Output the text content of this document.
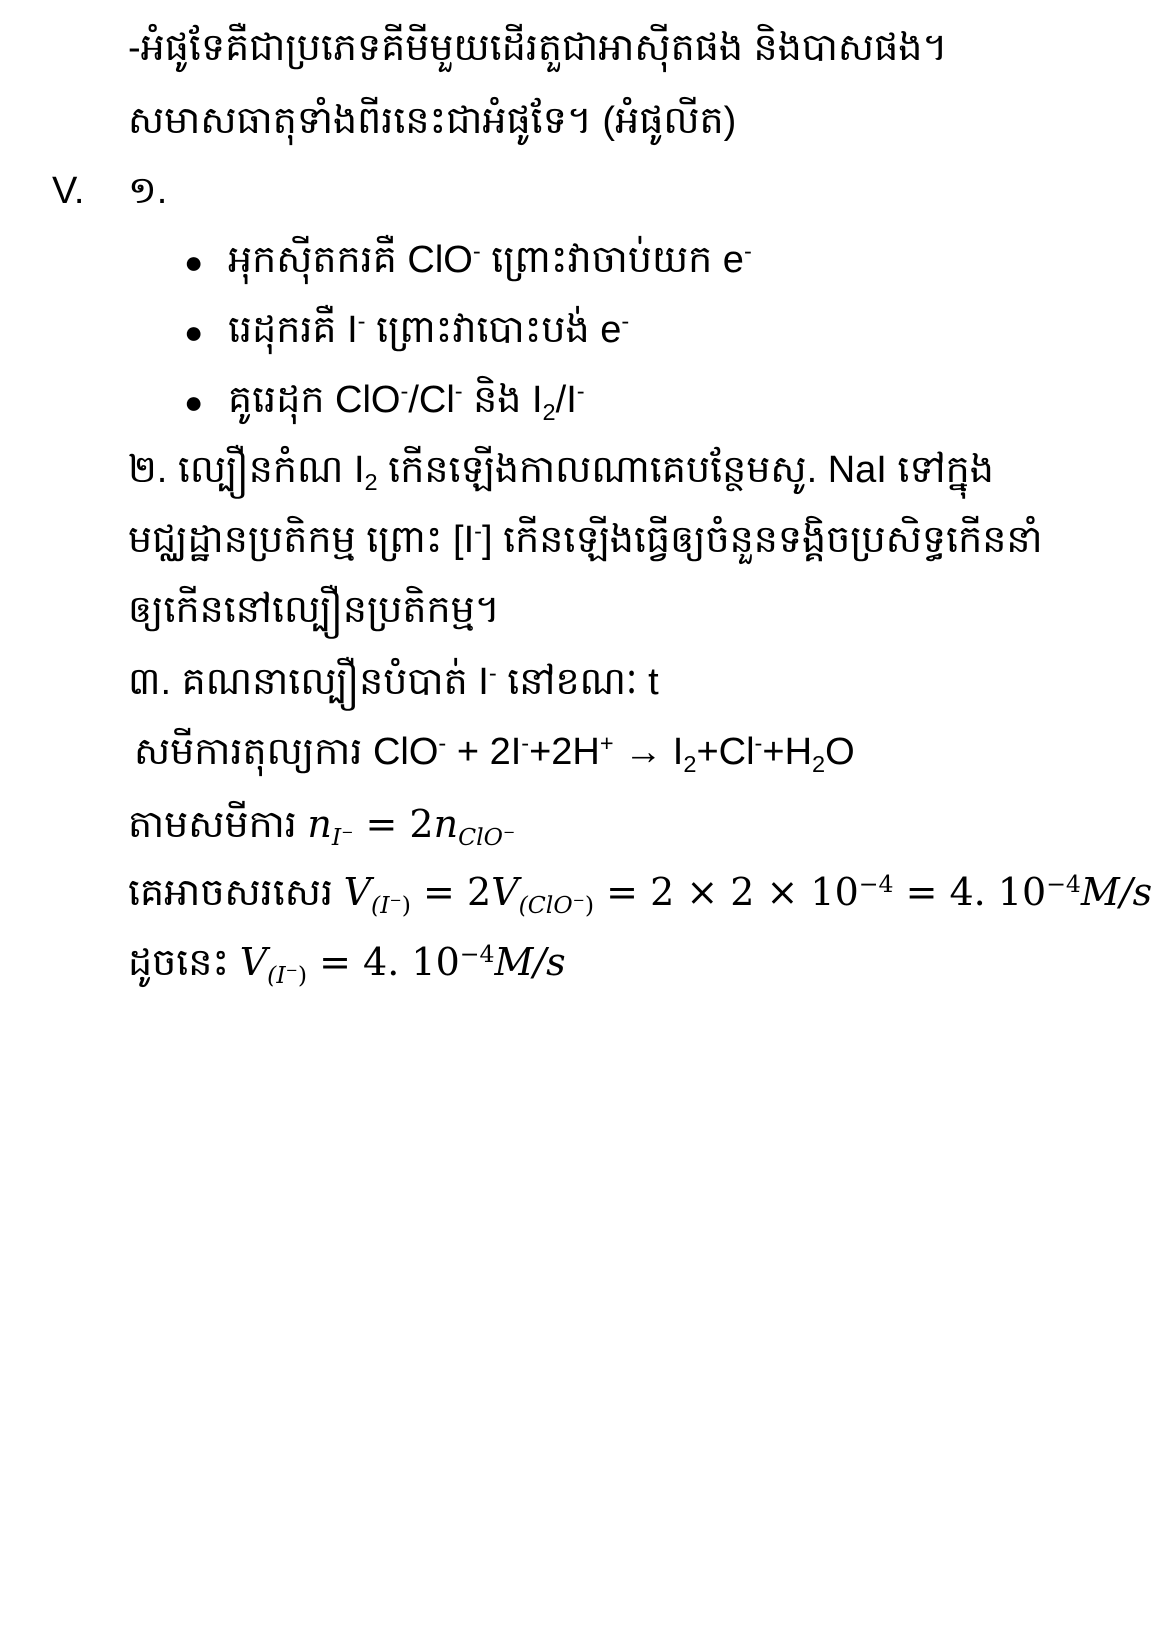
-អំផូទែគឺជាប្រភេទគីមីមួយដើរតួជាអាស៊ីតផង និងបាសផង។
សមាសធាតុទាំងពីរនេះជាអំផូទែ។ (អំផូលីត)
V. ១.
● អុកស៊ីតករគឺ ClO- ព្រោះវាចាប់យក e-
● រេដុករគឺ I- ព្រោះវាបោះបង់ e-
● គូរេដុក ClO-/Cl- និង $I_2/I^-$
២. ល្បឿនកំណ $I_2$ កើនឡើងកាលណាគេបន្ថែមសូ. NaI ទៅក្នុង
មជ្ឈដ្ឋានប្រតិកម្ម ព្រោះ [I-] កើនឡើងធ្វើឲ្យចំនួនទង្គិចប្រសិទ្ធកើននាំ
ឲ្យកើននៅល្បឿនប្រតិកម្ម។
៣. គណនាល្បឿនបំបាត់ I- នៅខណៈ t
សមីការតុល្យការ $ClO^- + 2I^-+2H^+ \to I_2+Cl^-+H_2O$
តាមសមីការ $n_{I^-} = 2n_{ClO^-}$
គេអាចសរសេរ $V_{(I^-)} = 2V_{(ClO^-)} = 2 \times 2 \times 10^{-4} = 4$. $10^{-4}M/s$
ដូចនេះ $V_{(I^-)} = 4$. $10^{-4}M/s$
